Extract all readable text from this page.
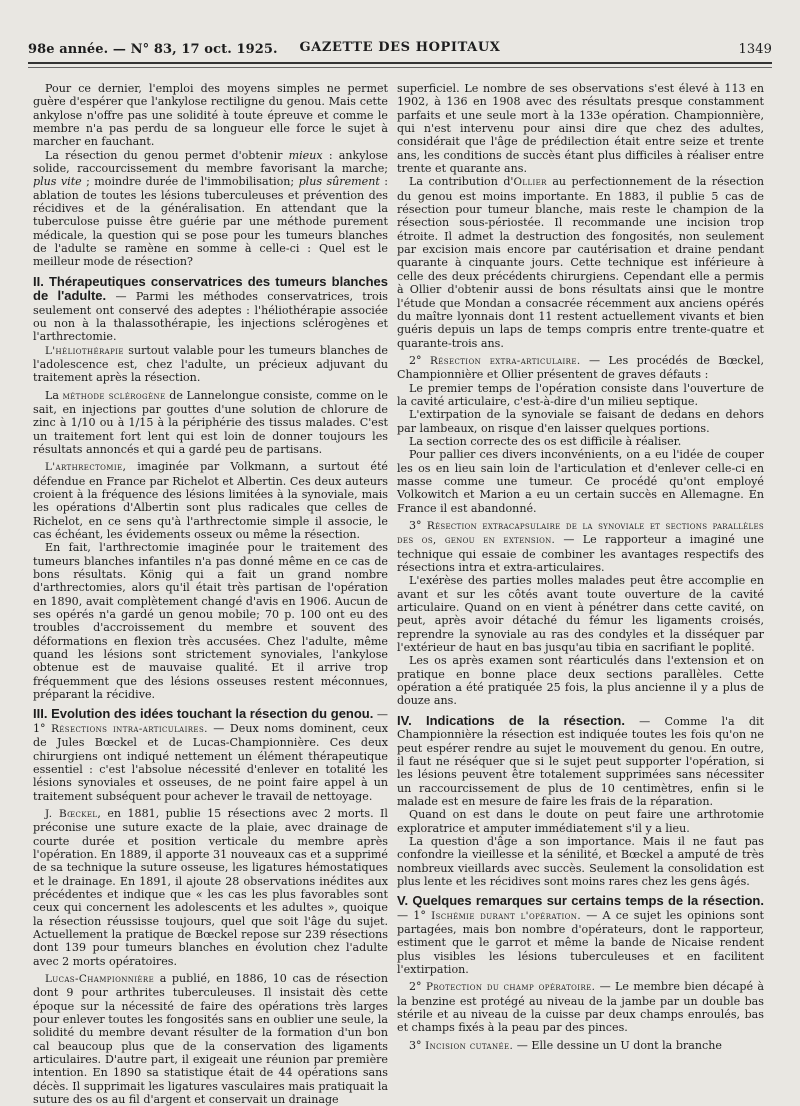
98e année. — N° 83, 17 oct. 1925.	GAZETTE DES HOPITAUX	1349

Pour ce dernier, l'emploi des moyens simples ne permet guère d'espérer que l'ankylose rectiligne du genou. Mais cette ankylose n'offre pas une solidité à toute épreuve et comme le membre n'a pas perdu de sa longueur elle force le sujet à marcher en fauchant.

La résection du genou permet d'obtenir mieux : ankylose solide, raccourcissement du membre favorisant la marche; plus vite ; moindre durée de l'immobilisation; plus sûrement : ablation de toutes les lésions tuberculeuses et prévention des récidives et de la généralisation. En attendant que la tuberculose puisse être guérie par une méthode purement médicale, la question qui se pose pour les tumeurs blanches de l'adulte se ramène en somme à celle-ci : Quel est le meilleur mode de résection?

II. Thérapeutiques conservatrices des tumeurs blanches de l'adulte. — Parmi les méthodes conservatrices, trois seulement ont conservé des adeptes : l'héliothérapie associée ou non à la thalassothérapie, les injections sclérogènes et l'arthrectomie.

L'héliothérapie surtout valable pour les tumeurs blanches de l'adolescence est, chez l'adulte, un précieux adjuvant du traitement après la résection.

La méthode sclérogène de Lannelongue consiste, comme on le sait, en injections par gouttes d'une solution de chlorure de zinc à 1/10 ou à 1/15 à la périphérie des tissus malades. C'est un traitement fort lent qui est loin de donner toujours les résultats annoncés et qui a gardé peu de partisans.

L'arthrectomie, imaginée par Volkmann, a surtout été défendue en France par Richelot et Albertin. Ces deux auteurs croient à la fréquence des lésions limitées à la synoviale, mais les opérations d'Albertin sont plus radicales que celles de Richelot, en ce sens qu'à l'arthrectomie simple il associe, le cas échéant, les évidements osseux ou même la résection.

En fait, l'arthrectomie imaginée pour le traitement des tumeurs blanches infantiles n'a pas donné même en ce cas de bons résultats. König qui a fait un grand nombre d'arthrectomies, alors qu'il était très partisan de l'opération en 1890, avait complètement changé d'avis en 1906. Aucun de ses opérés n'a gardé un genou mobile; 70 p. 100 ont eu des troubles d'accroissement du membre et souvent des déformations en flexion très accusées. Chez l'adulte, même quand les lésions sont strictement synoviales, l'ankylose obtenue est de mauvaise qualité. Et il arrive trop fréquemment que des lésions osseuses restent méconnues, préparant la récidive.

III. Evolution des idées touchant la résection du genou. — 1° Résections intra-articulaires. — Deux noms dominent, ceux de Jules Bœckel et de Lucas-Championnière. Ces deux chirurgiens ont indiqué nettement un élément thérapeutique essentiel : c'est l'absolue nécessité d'enlever en totalité les lésions synoviales et osseuses, de ne point faire appel à un traitement subséquent pour achever le travail de nettoyage.

J. Bœckel, en 1881, publie 15 résections avec 2 morts. Il préconise une suture exacte de la plaie, avec drainage de courte durée et position verticale du membre après l'opération. En 1889, il apporte 31 nouveaux cas et a supprimé de sa technique la suture osseuse, les ligatures hémostatiques et le drainage. En 1891, il ajoute 28 observations inédites aux précédentes et indique que « les cas les plus favorables sont ceux qui concernent les adolescents et les adultes », quoique la résection réussisse toujours, quel que soit l'âge du sujet. Actuellement la pratique de Bœckel repose sur 239 résections dont 139 pour tumeurs blanches en évolution chez l'adulte avec 2 morts opératoires.

Lucas-Championnière a publié, en 1886, 10 cas de résection dont 9 pour arthrites tuberculeuses. Il insistait dès cette époque sur la nécessité de faire des opérations très larges pour enlever toutes les fongosités sans en oublier une seule, la solidité du membre devant résulter de la formation d'un bon cal beaucoup plus que de la conservation des ligaments articulaires. D'autre part, il exigeait une réunion par première intention. En 1890 sa statistique était de 44 opérations sans décès. Il supprimait les ligatures vasculaires mais pratiquait la suture des os au fil d'argent et conservait un drainage

superficiel. Le nombre de ses observations s'est élevé à 113 en 1902, à 136 en 1908 avec des résultats presque constamment parfaits et une seule mort à la 133e opération. Championnière, qui n'est intervenu pour ainsi dire que chez des adultes, considérait que l'âge de prédilection était entre seize et trente ans, les conditions de succès étant plus difficiles à réaliser entre trente et quarante ans.

La contribution d'Ollier au perfectionnement de la résection du genou est moins importante. En 1883, il publie 5 cas de résection pour tumeur blanche, mais reste le champion de la résection sous-périostée. Il recommande une incision trop étroite. Il admet la destruction des fongosités, non seulement par excision mais encore par cautérisation et draine pendant quarante à cinquante jours. Cette technique est inférieure à celle des deux précédents chirurgiens. Cependant elle a permis à Ollier d'obtenir aussi de bons résultats ainsi que le montre l'étude que Mondan a consacrée récemment aux anciens opérés du maître lyonnais dont 11 restent actuellement vivants et bien guéris depuis un laps de temps compris entre trente-quatre et quarante-trois ans.

2° Résection extra-articulaire. — Les procédés de Bœckel, Championnière et Ollier présentent de graves défauts :

Le premier temps de l'opération consiste dans l'ouverture de la cavité articulaire, c'est-à-dire d'un milieu septique.

L'extirpation de la synoviale se faisant de dedans en dehors par lambeaux, on risque d'en laisser quelques portions.

La section correcte des os est difficile à réaliser.

Pour pallier ces divers inconvénients, on a eu l'idée de couper les os en lieu sain loin de l'articulation et d'enlever celle-ci en masse comme une tumeur. Ce procédé qu'ont employé Volkowitch et Marion a eu un certain succès en Allemagne. En France il est abandonné.

3° Résection extracapsulaire de la synoviale et sections parallèles des os, genou en extension. — Le rapporteur a imaginé une technique qui essaie de combiner les avantages respectifs des résections intra et extra-articulaires.

L'exérèse des parties molles malades peut être accomplie en avant et sur les côtés avant toute ouverture de la cavité articulaire. Quand on en vient à pénétrer dans cette cavité, on peut, après avoir détaché du fémur les ligaments croisés, reprendre la synoviale au ras des condyles et la disséquer par l'extérieur de haut en bas jusqu'au tibia en sacrifiant le poplité.

Les os après examen sont réarticulés dans l'extension et on pratique en bonne place deux sections parallèles. Cette opération a été pratiquée 25 fois, la plus ancienne il y a plus de douze ans.

IV. Indications de la résection. — Comme l'a dit Championnière la résection est indiquée toutes les fois qu'on ne peut espérer rendre au sujet le mouvement du genou. En outre, il faut ne réséquer que si le sujet peut supporter l'opération, si les lésions peuvent être totalement supprimées sans nécessiter un raccourcissement de plus de 10 centimètres, enfin si le malade est en mesure de faire les frais de la réparation.

Quand on est dans le doute on peut faire une arthrotomie exploratrice et amputer immédiatement s'il y a lieu.

La question d'âge a son importance. Mais il ne faut pas confondre la vieillesse et la sénilité, et Bœckel a amputé de très nombreux vieillards avec succès. Seulement la consolidation est plus lente et les récidives sont moins rares chez les gens âgés.

V. Quelques remarques sur certains temps de la résection. — 1° Ischémie durant l'opération. — A ce sujet les opinions sont partagées, mais bon nombre d'opérateurs, dont le rapporteur, estiment que le garrot et même la bande de Nicaise rendent plus visibles les lésions tuberculeuses et en facilitent l'extirpation.

2° Protection du champ opératoire. — Le membre bien décapé à la benzine est protégé au niveau de la jambe par un double bas stérile et au niveau de la cuisse par deux champs enroulés, bas et champs fixés à la peau par des pinces.

3° Incision cutanée. — Elle dessine un U dont la branche
